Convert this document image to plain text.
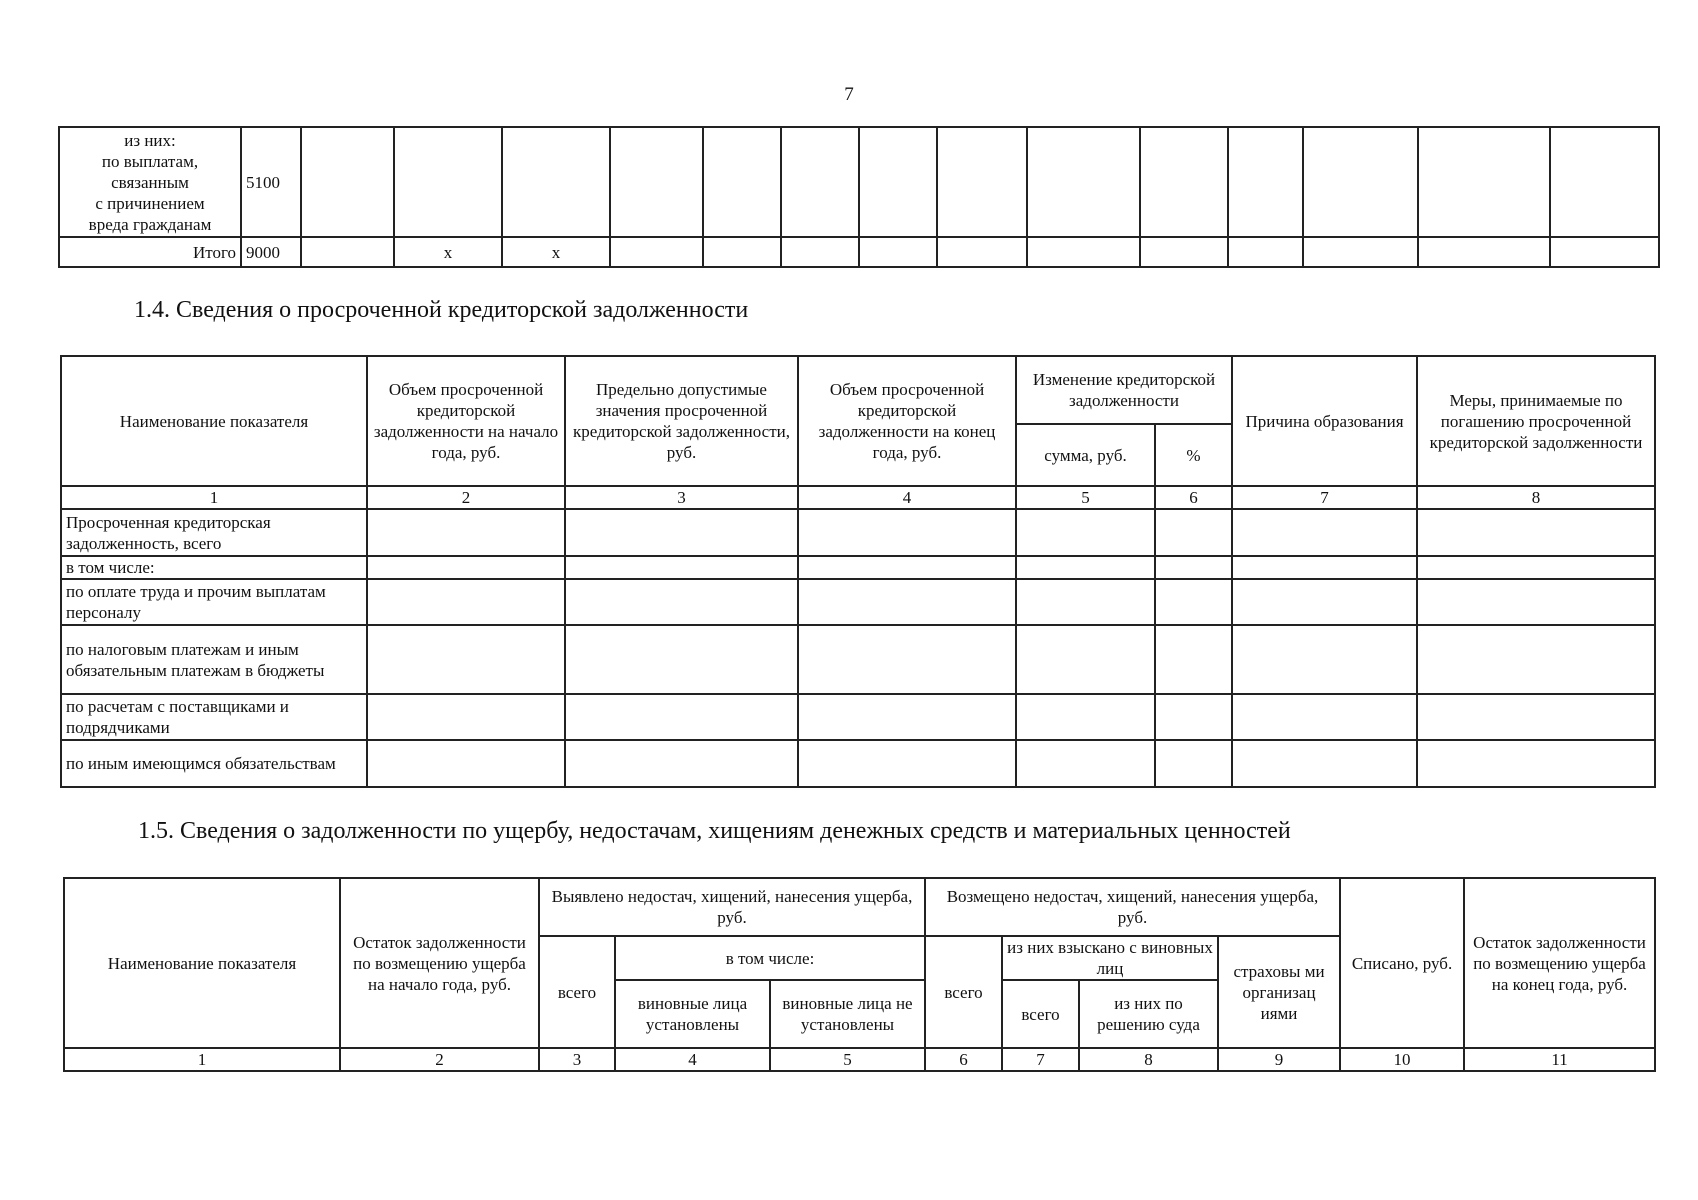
7
из них:
по выплатам,
связанным
с причинением
вреда гражданам	5100														
Итого	9000		x	x											
1.4. Сведения о просроченной кредиторской задолженности
Наименование показателя	Объем просроченной кредиторской задолженности на начало года, руб.	Предельно допустимые значения просроченной кредиторской задолженности, руб.	Объем просроченной кредиторской задолженности на конец года, руб.	Изменение кредиторской задолженности		Причина образования	Меры, принимаемые по погашению просроченной кредиторской задолженности
				сумма, руб.	%		
1	2	3	4	5	6	7	8
Просроченная кредиторская задолженность, всего							
в том числе:							
по оплате труда и прочим выплатам персоналу							
по налоговым платежам и иным обязательным платежам в бюджеты							
по расчетам с поставщиками и подрядчиками							
по иным имеющимся обязательствам							
1.5. Сведения о задолженности по ущербу, недостачам, хищениям денежных средств и материальных ценностей
Наименование показателя	Остаток задолженности по возмещению ущерба на начало года, руб.	Выявлено недостач, хищений, нанесения ущерба, руб.			Возмещено недостач, хищений, нанесения ущерба, руб.				Списано, руб.	Остаток задолженности по возмещению ущерба на конец года, руб.
		всего	в том числе:		всего	из них взыскано с виновных лиц		страховы ми организац иями		
			виновные лица установлены	виновные лица не установлены		всего	из них по решению суда			
1	2	3	4	5	6	7	8	9	10	11
